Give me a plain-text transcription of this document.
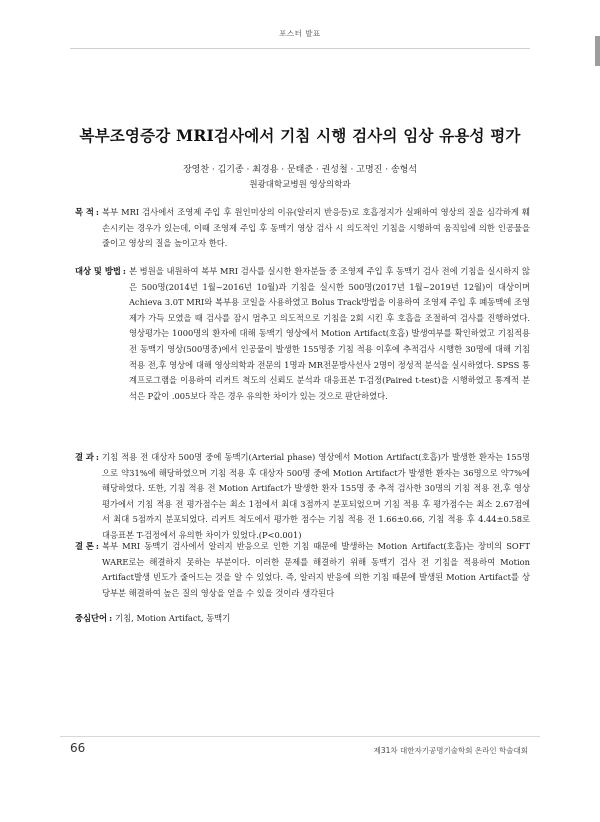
포스터 발표
복부조영증강 MRI검사에서 기침 시행 검사의 임상 유용성 평가
장영찬 · 김기종 · 최경용 · 문태준 · 권성철 · 고명진 · 송형석
원광대학교병원 영상의학과
목 적 : 복부 MRI 검사에서 조영제 주입 후 원인미상의 이유(알러지 반응등)로 호흡정지가 실패하여 영상의 질을 심각하게 훼손시키는 경우가 있는데, 이때 조영제 주입 후 동맥기 영상 검사 시 의도적인 기침을 시행하여 움직임에 의한 인공물을 줄이고 영상의 질을 높이고자 한다.
대상 및 방법 : 본 병원을 내원하여 복부 MRI 검사를 실시한 환자분들 중 조영제 주입 후 동맥기 검사 전에 기침을 실시하지 않은 500명(2014년 1월~2016년 10월)과 기침을 실시한 500명(2017년 1월~2019년 12월)이 대상이며 Achieva 3.0T MRI와 복부용 코일을 사용하였고 Bolus Track방법을 이용하여 조영제 주입 후 폐동맥에 조영제가 가득 모였을 때 검사를 잠시 멈추고 의도적으로 기침을 2회 시킨 후 호흡을 조절하여 검사를 진행하였다. 영상평가는 1000명의 환자에 대해 동맥기 영상에서 Motion Artifact(호흡) 발생여부를 확인하였고 기침적용 전 동맥기 영상(500명중)에서 인공물이 발생한 155명중 기침 적용 이후에 추적검사 시행한 30명에 대해 기침 적용 전,후 영상에 대해 영상의학과 전문의 1명과 MR전문방사선사 2명이 정성적 분석을 실시하였다. SPSS 통계프로그램을 이용하여 리커트 척도의 신뢰도 분석과 대응표본 T-검정(Paired t-test)을 시행하였고 통계적 분석은 P값이 .005보다 작은 경우 유의한 차이가 있는 것으로 판단하였다.
결 과 : 기침 적용 전 대상자 500명 중에 동맥기(Arterial phase) 영상에서 Motion Artifact(호흡)가 발생한 환자는 155명으로 약31%에 해당하였으며 기침 적용 후 대상자 500명 중에 Motion Artifact가 발생한 환자는 36명으로 약7%에 해당하였다. 또한, 기침 적용 전 Motion Artifact가 발생한 환자 155명 중 추적 검사한 30명의 기침 적용 전,후 영상평가에서 기침 적용 전 평가점수는 최소 1점에서 최대 3점까지 분포되었으며 기침 적용 후 평가점수는 최소 2.67점에서 최대 5점까지 분포되었다. 리커트 척도에서 평가한 점수는 기침 적용 전 1.66±0.66, 기침 적용 후 4.44±0.58로 대응표본 T-검정에서 유의한 차이가 있었다.(P<0.001)
결 론 : 복부 MRI 동맥기 검사에서 알러지 반응으로 인한 기침 때문에 발생하는 Motion Artifact(호흡)는 장비의 SOFT WARE로는 해결하지 못하는 부분이다. 이러한 문제를 해결하기 위해 동맥기 검사 전 기침을 적용하여 Motion Artifact발생 빈도가 줄어드는 것을 알 수 있었다. 즉, 알러지 반응에 의한 기침 때문에 발생된 Motion Artifact를 상당부분 해결하여 높은 질의 영상을 얻을 수 있을 것이라 생각된다
중심단어 : 기침, Motion Artifact, 동맥기
66	제31차 대한자기공명기술학회 온라인 학술대회
